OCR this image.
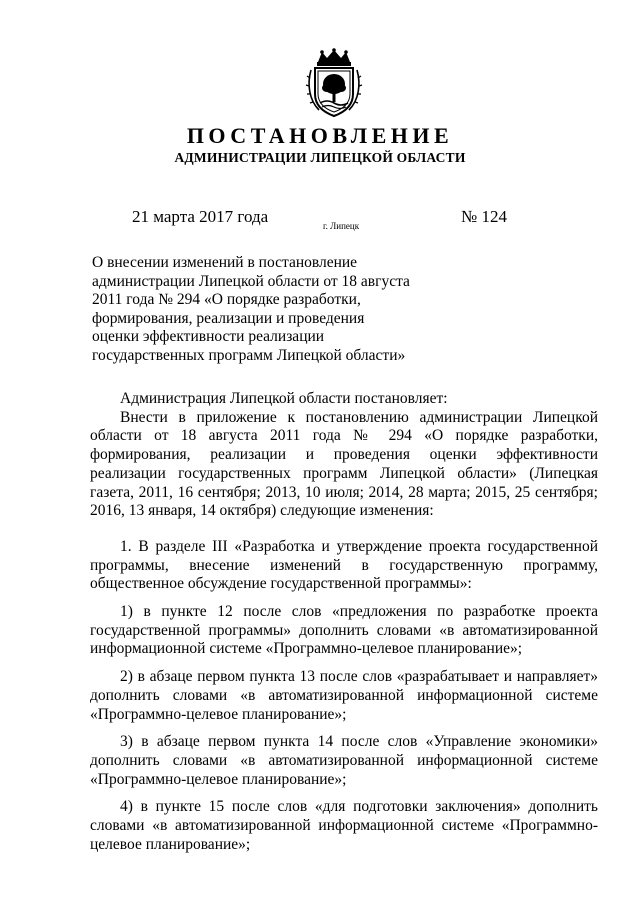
ПОСТАНОВЛЕНИЕ
АДМИНИСТРАЦИИ ЛИПЕЦКОЙ ОБЛАСТИ
21 марта 2017 года	г. Липецк	№ 124
О внесении изменений в постановление
администрации Липецкой области от 18 августа
2011 года № 294 «О порядке разработки,
формирования, реализации и проведения
оценки эффективности реализации
государственных программ Липецкой области»

Администрация Липецкой области постановляет:

Внести в приложение к постановлению администрации Липецкой области от 18 августа 2011 года № 294 «О порядке разработки, формирования, реализации и проведения оценки эффективности реализации государственных программ Липецкой области» (Липецкая газета, 2011, 16 сентября; 2013, 10 июля; 2014, 28 марта; 2015, 25 сентября; 2016, 13 января, 14 октября) следующие изменения:

1. В разделе III «Разработка и утверждение проекта государственной программы, внесение изменений в государственную программу, общественное обсуждение государственной программы»:

1) в пункте 12 после слов «предложения по разработке проекта государственной программы» дополнить словами «в автоматизированной информационной системе «Программно-целевое планирование»;

2) в абзаце первом пункта 13 после слов «разрабатывает и направляет» дополнить словами «в автоматизированной информационной системе «Программно-целевое планирование»;

3) в абзаце первом пункта 14 после слов «Управление экономики» дополнить словами «в автоматизированной информационной системе «Программно-целевое планирование»;

4) в пункте 15 после слов «для подготовки заключения» дополнить словами «в автоматизированной информационной системе «Программно-целевое планирование»;
